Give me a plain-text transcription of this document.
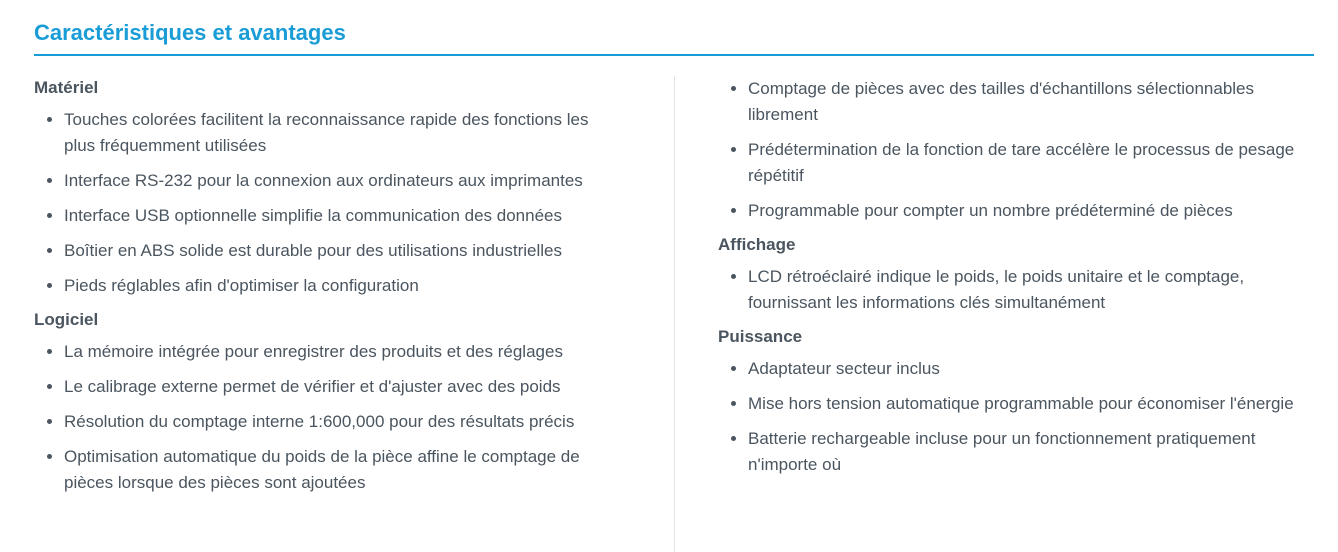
Caractéristiques et avantages
Matériel
• Touches colorées facilitent la reconnaissance rapide des fonctions les plus fréquemment utilisées
• Interface RS-232 pour la connexion aux ordinateurs aux imprimantes
• Interface USB optionnelle simplifie la communication des données
• Boîtier en ABS solide est durable pour des utilisations industrielles
• Pieds réglables afin d'optimiser la configuration
Logiciel
• La mémoire intégrée pour enregistrer des produits et des réglages
• Le calibrage externe permet de vérifier et d'ajuster avec des poids
• Résolution du comptage interne 1:600,000 pour des résultats précis
• Optimisation automatique du poids de la pièce affine le comptage de pièces lorsque des pièces sont ajoutées
• Comptage de pièces avec des tailles d'échantillons sélectionnables librement
• Prédétermination de la fonction de tare accélère le processus de pesage répétitif
• Programmable pour compter un nombre prédéterminé de pièces
Affichage
• LCD rétroéclairé indique le poids, le poids unitaire et le comptage, fournissant les informations clés simultanément
Puissance
• Adaptateur secteur inclus
• Mise hors tension automatique programmable pour économiser l'énergie
• Batterie rechargeable incluse pour un fonctionnement pratiquement n'importe où
